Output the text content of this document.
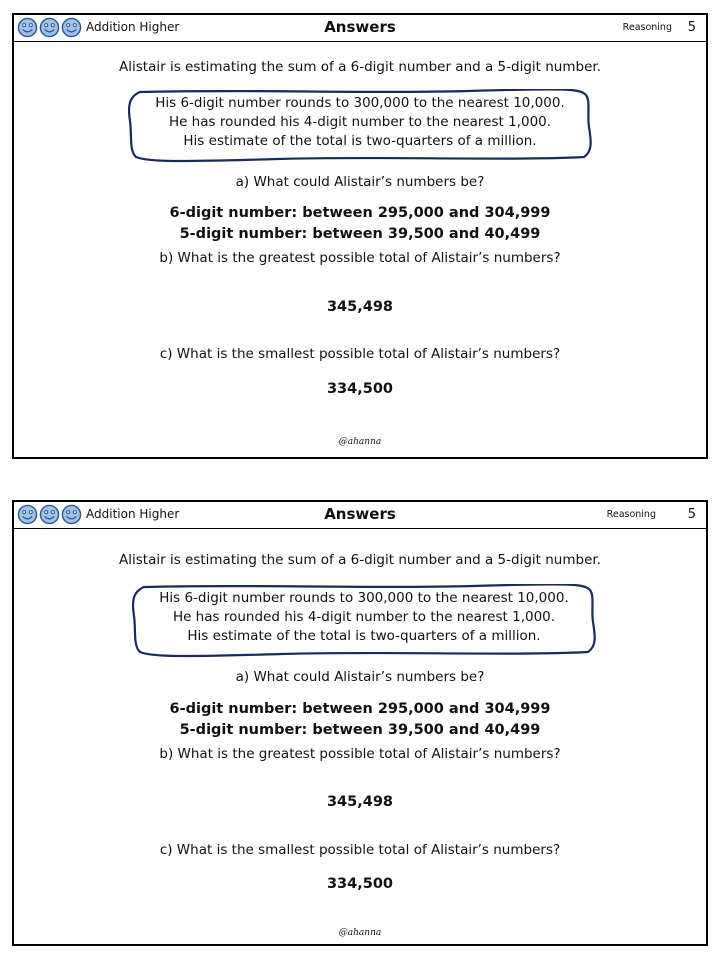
Addition Higher	Answers	Reasoning 5
Alistair is estimating the sum of a 6-digit number and a 5-digit number.
His 6-digit number rounds to 300,000 to the nearest 10,000.
He has rounded his 4-digit number to the nearest 1,000.
His estimate of the total is two-quarters of a million.
a) What could Alistair’s numbers be?
6-digit number: between 295,000 and 304,999
5-digit number: between 39,500 and 40,499
b) What is the greatest possible total of Alistair’s numbers?
345,498
c) What is the smallest possible total of Alistair’s numbers?
334,500
@ahanna
Addition Higher	Answers	Reasoning 5
Alistair is estimating the sum of a 6-digit number and a 5-digit number.
His 6-digit number rounds to 300,000 to the nearest 10,000.
He has rounded his 4-digit number to the nearest 1,000.
His estimate of the total is two-quarters of a million.
a) What could Alistair’s numbers be?
6-digit number: between 295,000 and 304,999
5-digit number: between 39,500 and 40,499
b) What is the greatest possible total of Alistair’s numbers?
345,498
c) What is the smallest possible total of Alistair’s numbers?
334,500
@ahanna
